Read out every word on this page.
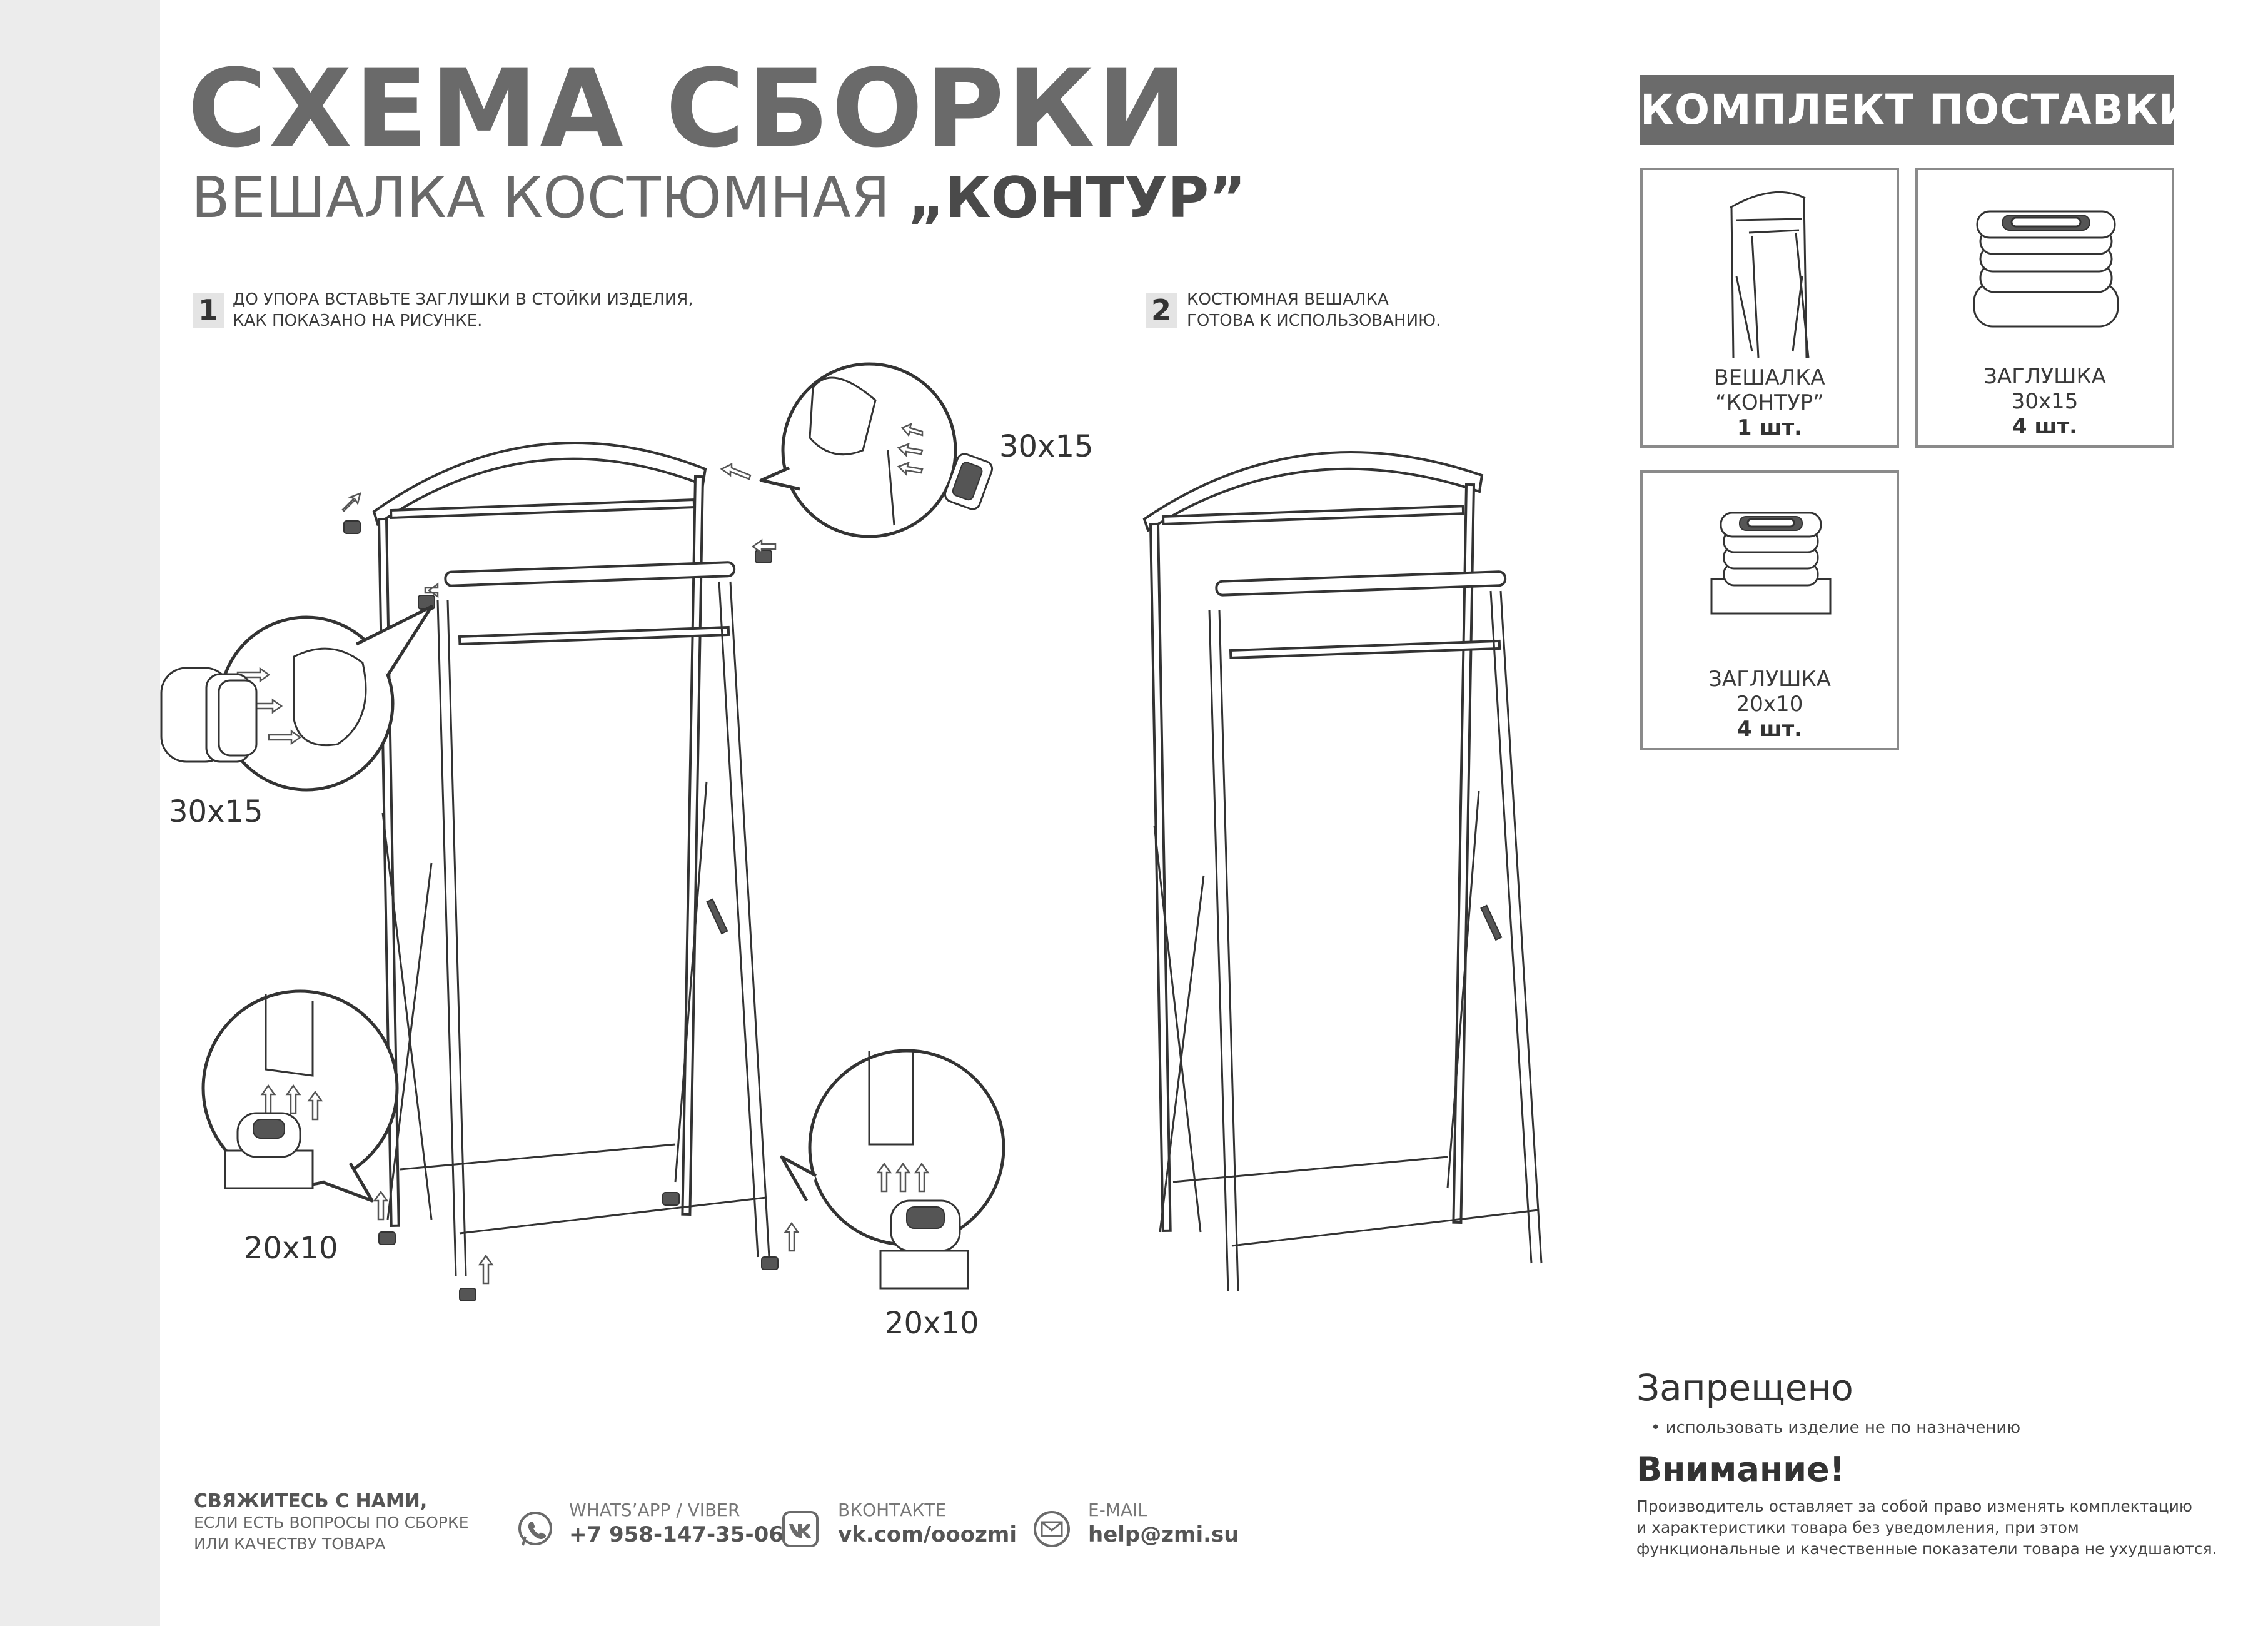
СХЕМА СБОРКИ
ВЕШАЛКА КОСТЮМНАЯ „КОНТУР”
1 ДО УПОРА ВСТАВЬТЕ ЗАГЛУШКИ В СТОЙКИ ИЗДЕЛИЯ,
КАК ПОКАЗАНО НА РИСУНКЕ.	2 КОСТЮМНАЯ ВЕШАЛКА
ГОТОВА К ИСПОЛЬЗОВАНИЮ.
30x15
30x15
20x10
20x10
КОМПЛЕКТ ПОСТАВКИ
ВЕШАЛКА
“КОНТУР”
1 шт.
ЗАГЛУШКА
30x15
4 шт.
ЗАГЛУШКА
20x10
4 шт.
Запрещено
• использовать изделие не по назначению
Внимание!
Производитель оставляет за собой право изменять комплектацию
и характеристики товара без уведомления, при этом
функциональные и качественные показатели товара не ухудшаются.
СВЯЖИТЕСЬ С НАМИ,
ЕСЛИ ЕСТЬ ВОПРОСЫ ПО СБОРКЕ
ИЛИ КАЧЕСТВУ ТОВАРА
WHATS’APP / VIBER
+7 958-147-35-06
ВКОНТАКТЕ
vk.com/ooozmi
E-MAIL
help@zmi.su
